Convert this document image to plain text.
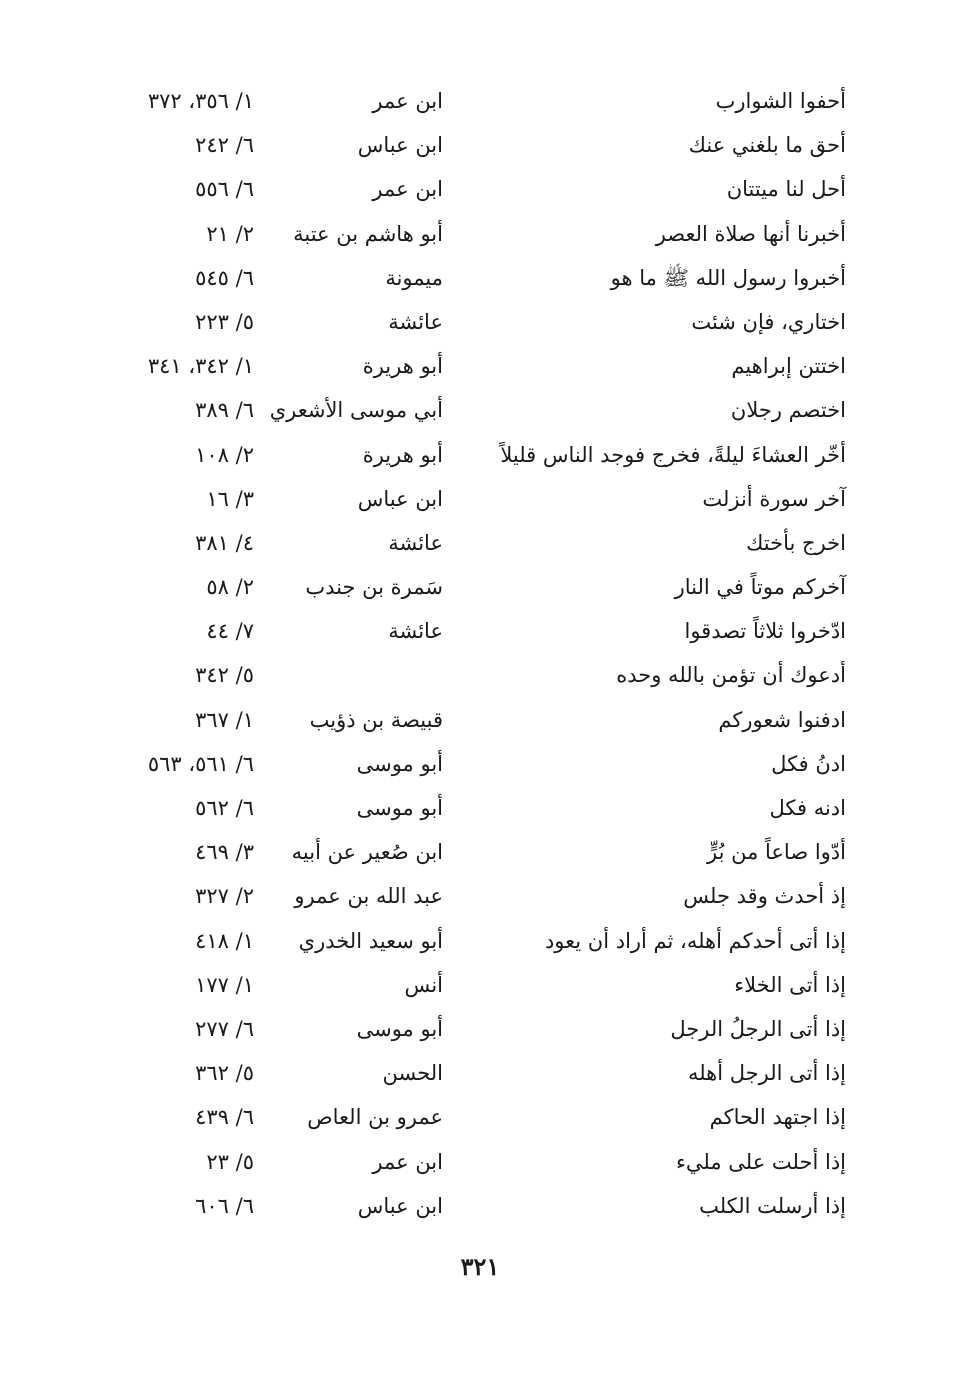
أحفوا الشوارب
ابن عمر
١/ ٣٥٦، ٣٧٢
أحق ما بلغني عنك
ابن عباس
٦/ ٢٤٢
أحل لنا ميتتان
ابن عمر
٦/ ٥٥٦
أخبرنا أنها صلاة العصر
أبو هاشم بن عتبة
٢/ ٢١
أخبروا رسول الله ﷺ ما هو
ميمونة
٦/ ٥٤٥
اختاري، فإن شئت
عائشة
٥/ ٢٢٣
اختتن إبراهيم
أبو هريرة
١/ ٣٤٢، ٣٤١
اختصم رجلان
أبي موسى الأشعري
٦/ ٣٨٩
أخّر العشاءَ ليلةً، فخرج فوجد الناس قليلاً
أبو هريرة
٢/ ١٠٨
آخر سورة أنزلت
ابن عباس
٣/ ١٦
اخرج بأختك
عائشة
٤/ ٣٨١
آخركم موتاً في النار
سَمرة بن جندب
٢/ ٥٨
ادّخروا ثلاثاً تصدقوا
عائشة
٧/ ٤٤
أدعوك أن تؤمن بالله وحده
٥/ ٣٤٢
ادفنوا شعوركم
قبيصة بن ذؤيب
١/ ٣٦٧
ادنُ فكل
أبو موسى
٦/ ٥٦١، ٥٦٣
ادنه فكل
أبو موسى
٦/ ٥٦٢
أدّوا صاعاً من بُرٍّ
ابن صُعير عن أبيه
٣/ ٤٦٩
إذ أحدث وقد جلس
عبد الله بن عمرو
٢/ ٣٢٧
إذا أتى أحدكم أهله، ثم أراد أن يعود
أبو سعيد الخدري
١/ ٤١٨
إذا أتى الخلاء
أنس
١/ ١٧٧
إذا أتى الرجلُ الرجل
أبو موسى
٦/ ٢٧٧
إذا أتى الرجل أهله
الحسن
٥/ ٣٦٢
إذا اجتهد الحاكم
عمرو بن العاص
٦/ ٤٣٩
إذا أحلت على مليء
ابن عمر
٥/ ٢٣
إذا أرسلت الكلب
ابن عباس
٦/ ٦٠٦
٣٢١
